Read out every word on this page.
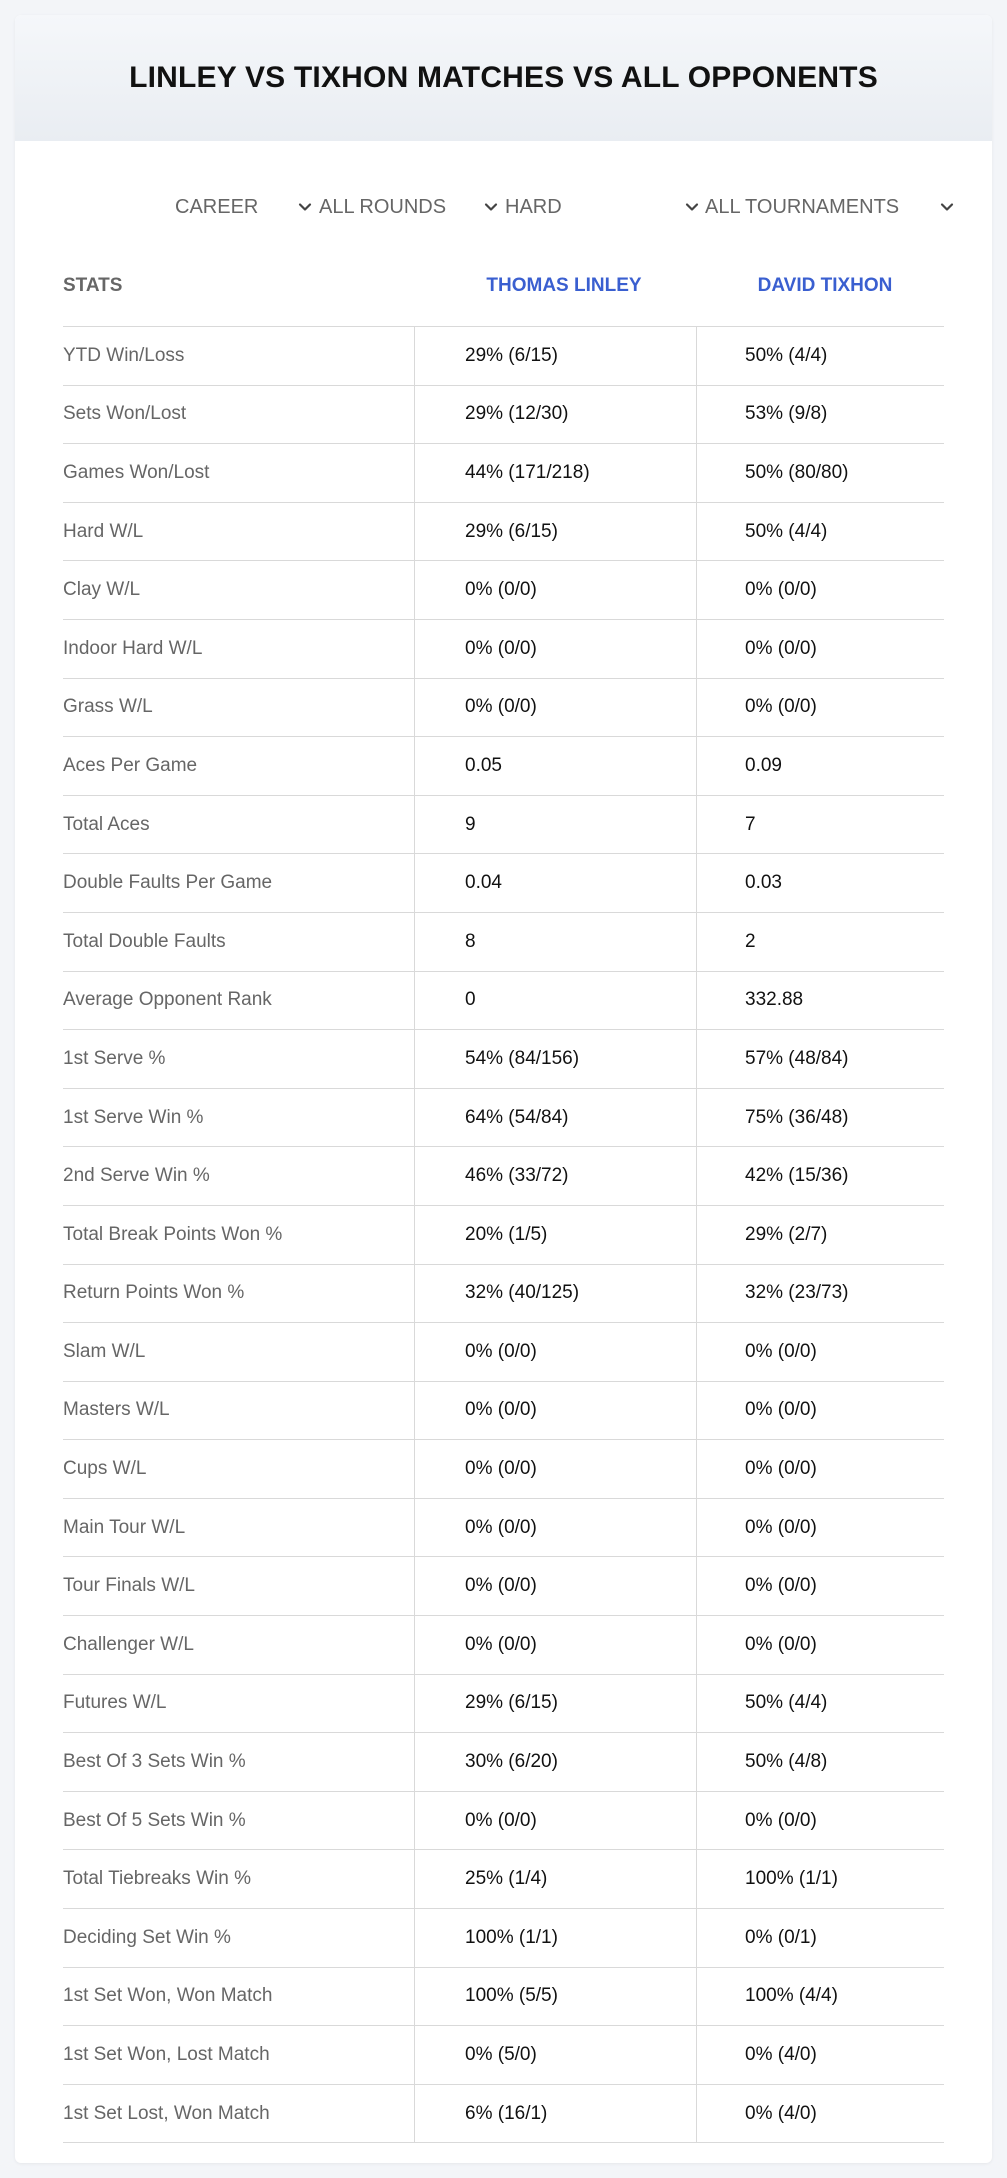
LINLEY VS TIXHON MATCHES VS ALL OPPONENTS
CAREER	ALL ROUNDS	HARD	ALL TOURNAMENTS
STATS	THOMAS LINLEY	DAVID TIXHON
YTD Win/Loss	29% (6/15)	50% (4/4)
Sets Won/Lost	29% (12/30)	53% (9/8)
Games Won/Lost	44% (171/218)	50% (80/80)
Hard W/L	29% (6/15)	50% (4/4)
Clay W/L	0% (0/0)	0% (0/0)
Indoor Hard W/L	0% (0/0)	0% (0/0)
Grass W/L	0% (0/0)	0% (0/0)
Aces Per Game	0.05	0.09
Total Aces	9	7
Double Faults Per Game	0.04	0.03
Total Double Faults	8	2
Average Opponent Rank	0	332.88
1st Serve %	54% (84/156)	57% (48/84)
1st Serve Win %	64% (54/84)	75% (36/48)
2nd Serve Win %	46% (33/72)	42% (15/36)
Total Break Points Won %	20% (1/5)	29% (2/7)
Return Points Won %	32% (40/125)	32% (23/73)
Slam W/L	0% (0/0)	0% (0/0)
Masters W/L	0% (0/0)	0% (0/0)
Cups W/L	0% (0/0)	0% (0/0)
Main Tour W/L	0% (0/0)	0% (0/0)
Tour Finals W/L	0% (0/0)	0% (0/0)
Challenger W/L	0% (0/0)	0% (0/0)
Futures W/L	29% (6/15)	50% (4/4)
Best Of 3 Sets Win %	30% (6/20)	50% (4/8)
Best Of 5 Sets Win %	0% (0/0)	0% (0/0)
Total Tiebreaks Win %	25% (1/4)	100% (1/1)
Deciding Set Win %	100% (1/1)	0% (0/1)
1st Set Won, Won Match	100% (5/5)	100% (4/4)
1st Set Won, Lost Match	0% (5/0)	0% (4/0)
1st Set Lost, Won Match	6% (16/1)	0% (4/0)
